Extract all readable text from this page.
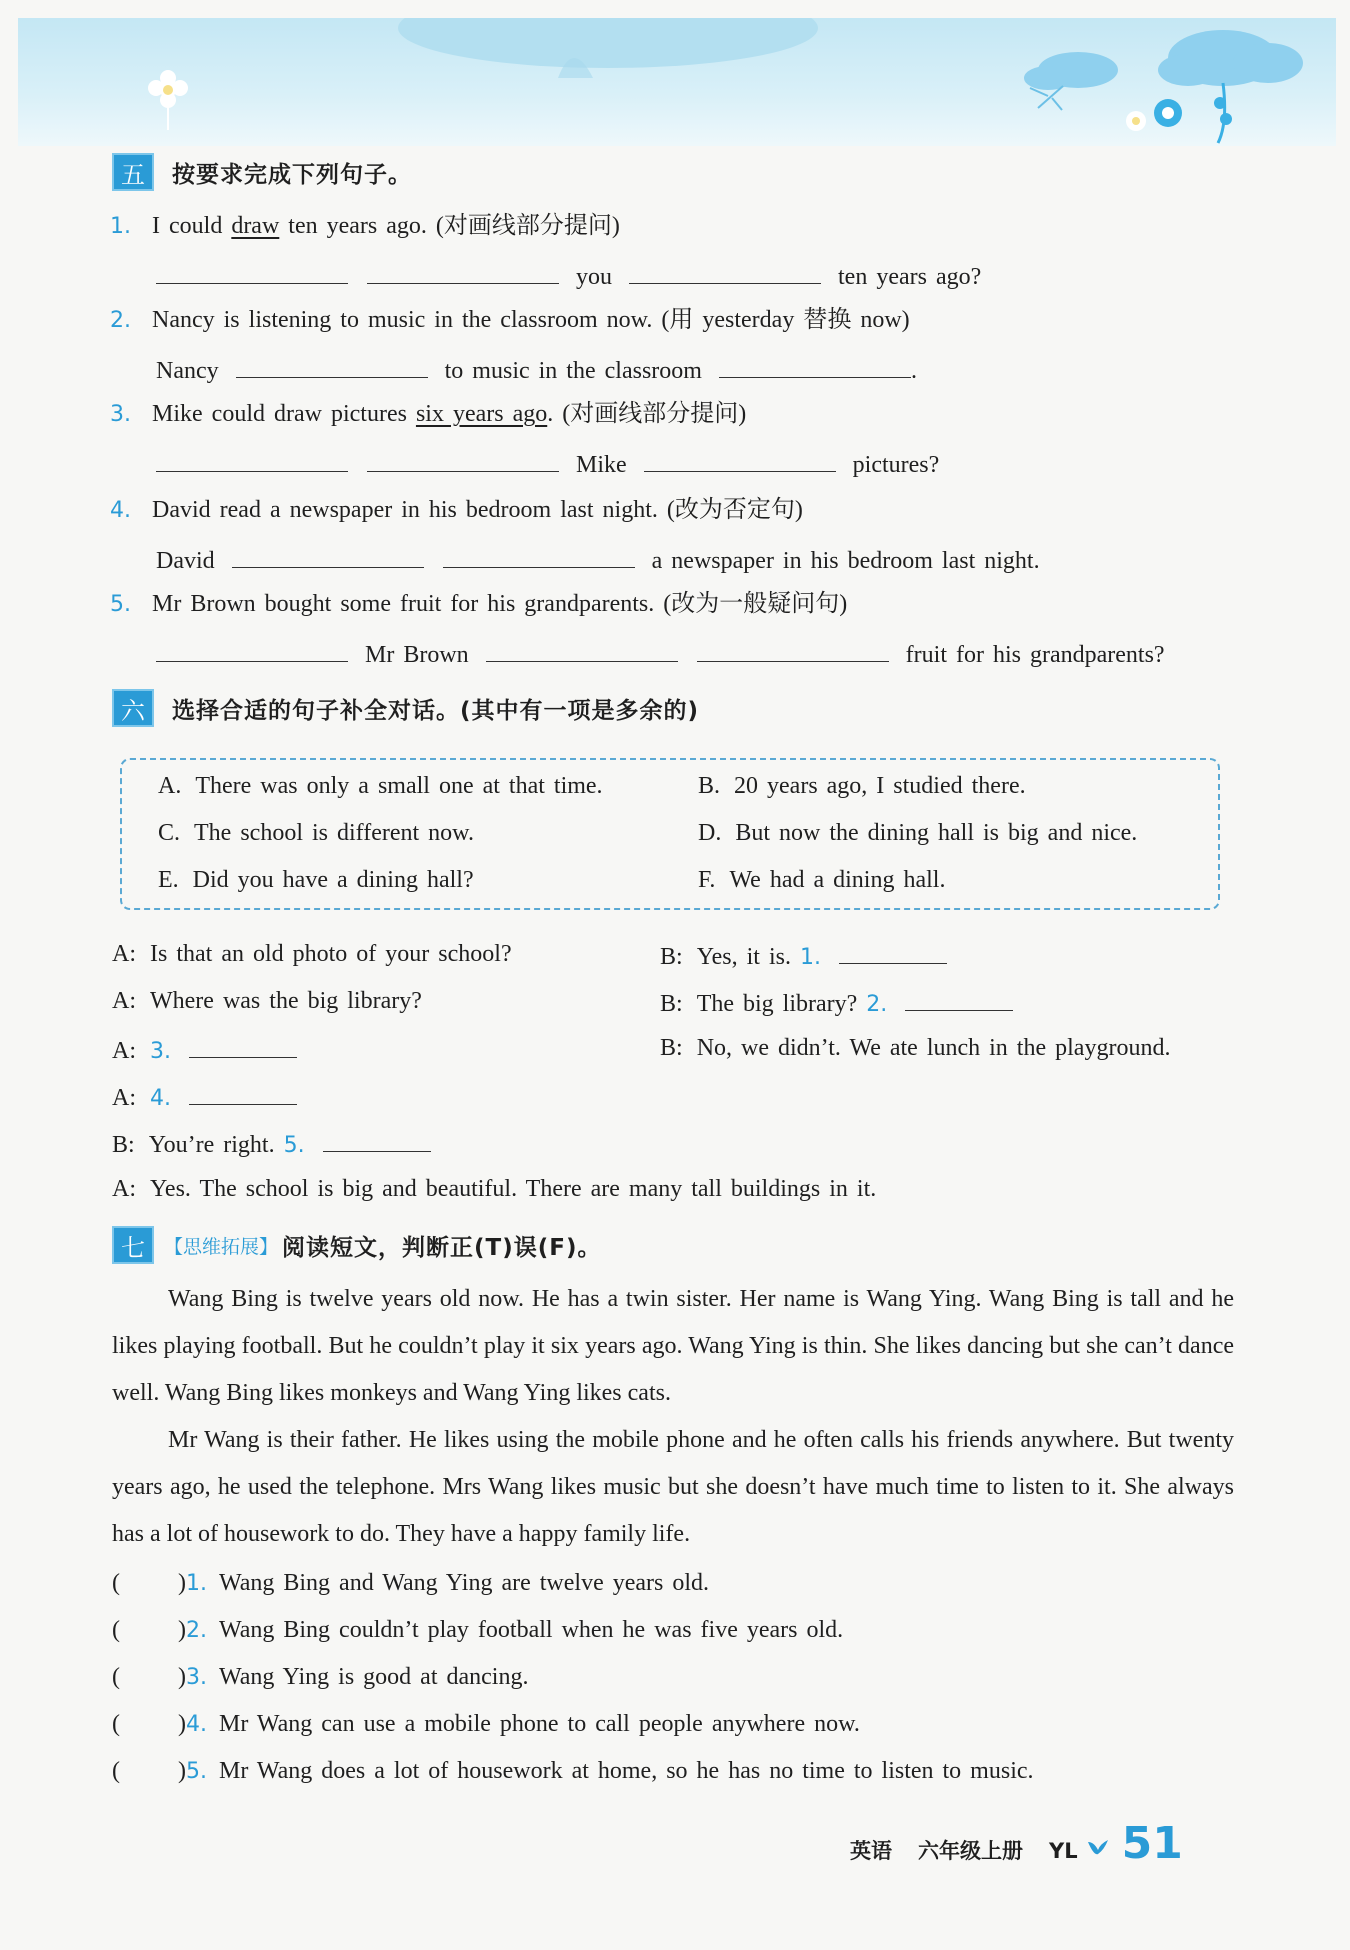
五	按要求完成下列句子。
1. I could draw ten years ago. (对画线部分提问)
you	ten years ago?
2. Nancy is listening to music in the classroom now. (用 yesterday 替换 now)
Nancy	to music in the classroom	.
3. Mike could draw pictures six years ago. (对画线部分提问)
Mike	pictures?
4. David read a newspaper in his bedroom last night. (改为否定句)
David	a newspaper in his bedroom last night.
5. Mr Brown bought some fruit for his grandparents. (改为一般疑问句)
Mr Brown	fruit for his grandparents?
六	选择合适的句子补全对话。(其中有一项是多余的)
A. There was only a small one at that time.	B. 20 years ago, I studied there.
C. The school is different now.	D. But now the dining hall is big and nice.
E. Did you have a dining hall?	F. We had a dining hall.
A: Is that an old photo of your school?	B: Yes, it is. 1.
A: Where was the big library?	B: The big library? 2.
A: 3.	B: No, we didn’t. We ate lunch in the playground.
A: 4.
B: You’re right. 5.
A: Yes. The school is big and beautiful. There are many tall buildings in it.
七	【思维拓展】 阅读短文，判断正(T)误(F)。

Wang Bing is twelve years old now. He has a twin sister. Her name is Wang Ying. Wang Bing is tall and he likes playing football. But he couldn’t play it six years ago. Wang Ying is thin. She likes dancing but she can’t dance well. Wang Bing likes monkeys and Wang Ying likes cats.

Mr Wang is their father. He likes using the mobile phone and he often calls his friends anywhere. But twenty years ago, he used the telephone. Mrs Wang likes music but she doesn’t have much time to listen to it. She always has a lot of housework to do. They have a happy family life.

( )1. Wang Bing and Wang Ying are twelve years old.
( )2. Wang Bing couldn’t play football when he was five years old.
( )3. Wang Ying is good at dancing.
( )4. Mr Wang can use a mobile phone to call people anywhere now.
( )5. Mr Wang does a lot of housework at home, so he has no time to listen to music.
英语 六年级上册 YL 51
